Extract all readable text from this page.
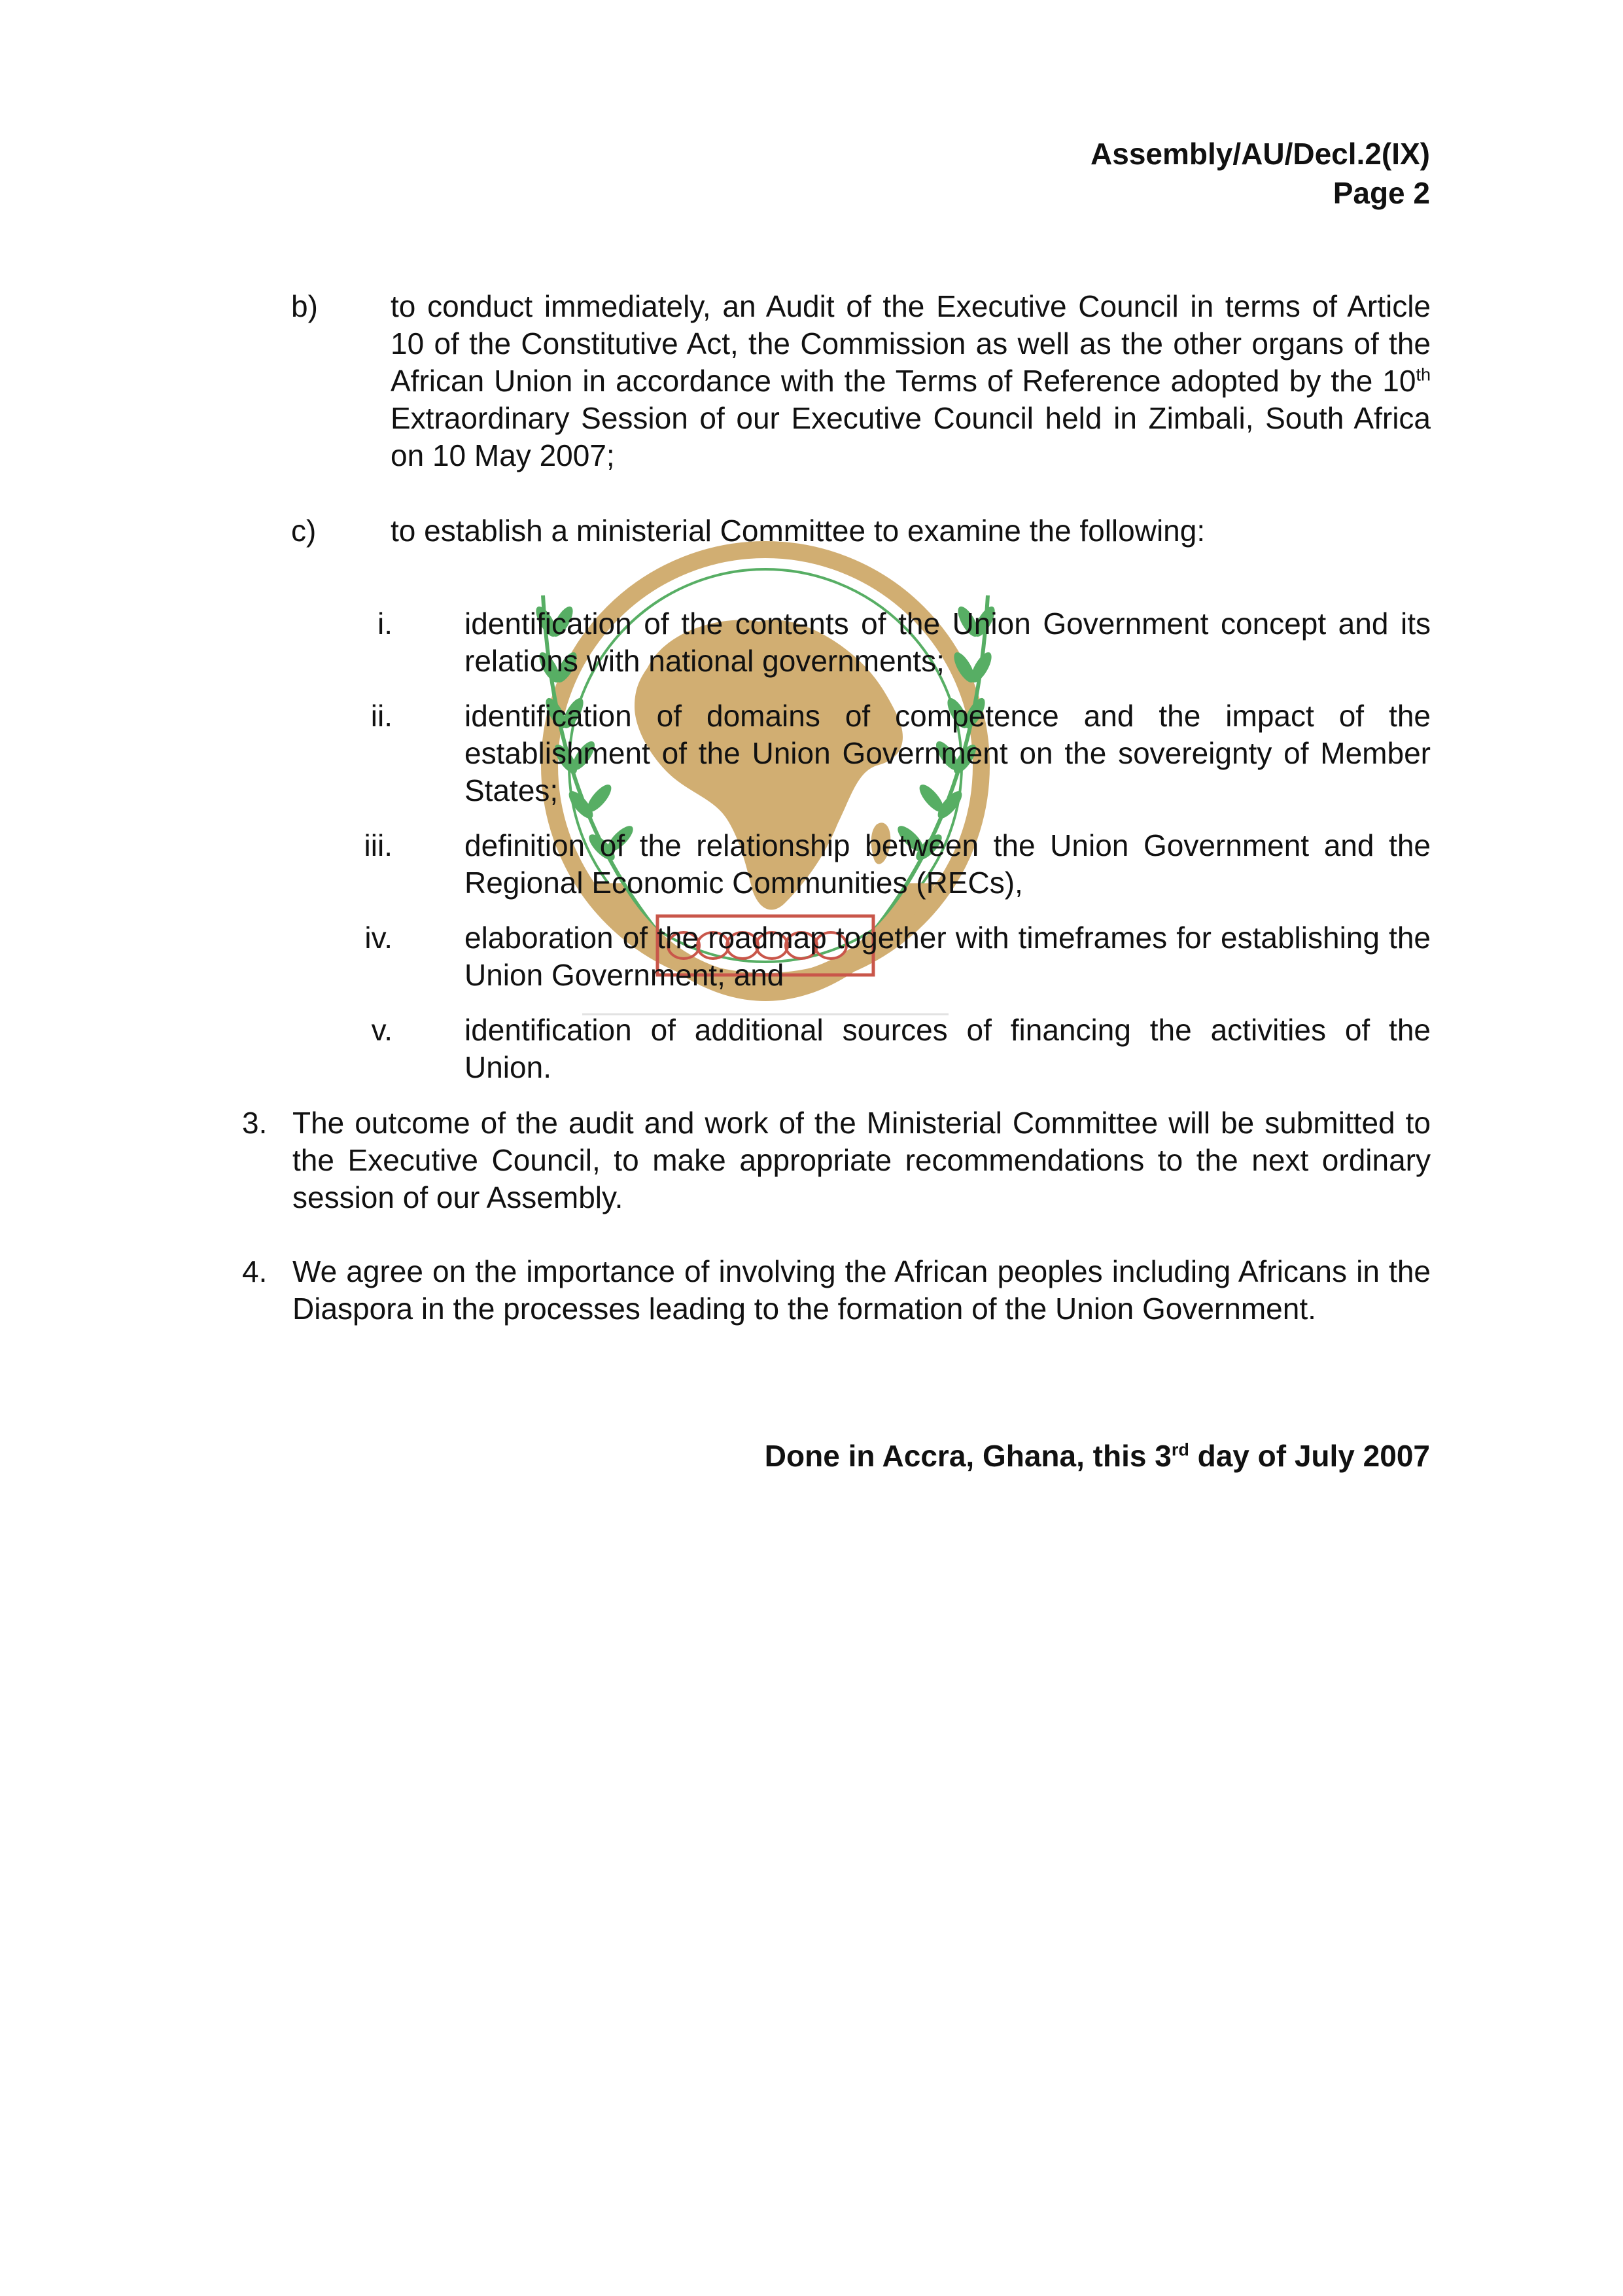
Assembly/AU/Decl.2(IX)
Page 2
b) to conduct immediately, an Audit of the Executive Council in terms of Article 10 of the Constitutive Act, the Commission as well as the other organs of the African Union in accordance with the Terms of Reference adopted by the 10th Extraordinary Session of our Executive Council held in Zimbali, South Africa on 10 May 2007;
c) to establish a ministerial Committee to examine the following:
i. identification of the contents of the Union Government concept and its relations with national governments;
ii. identification of domains of competence and the impact of the establishment of the Union Government on the sovereignty of Member States;
iii. definition of the relationship between the Union Government and the Regional Economic Communities (RECs),
iv. elaboration of the roadmap together with timeframes for establishing the Union Government; and
v. identification of additional sources of financing the activities of the Union.
3. The outcome of the audit and work of the Ministerial Committee will be submitted to the Executive Council, to make appropriate recommendations to the next ordinary session of our Assembly.
4. We agree on the importance of involving the African peoples including Africans in the Diaspora in the processes leading to the formation of the Union Government.
Done in Accra, Ghana, this 3rd day of July 2007
